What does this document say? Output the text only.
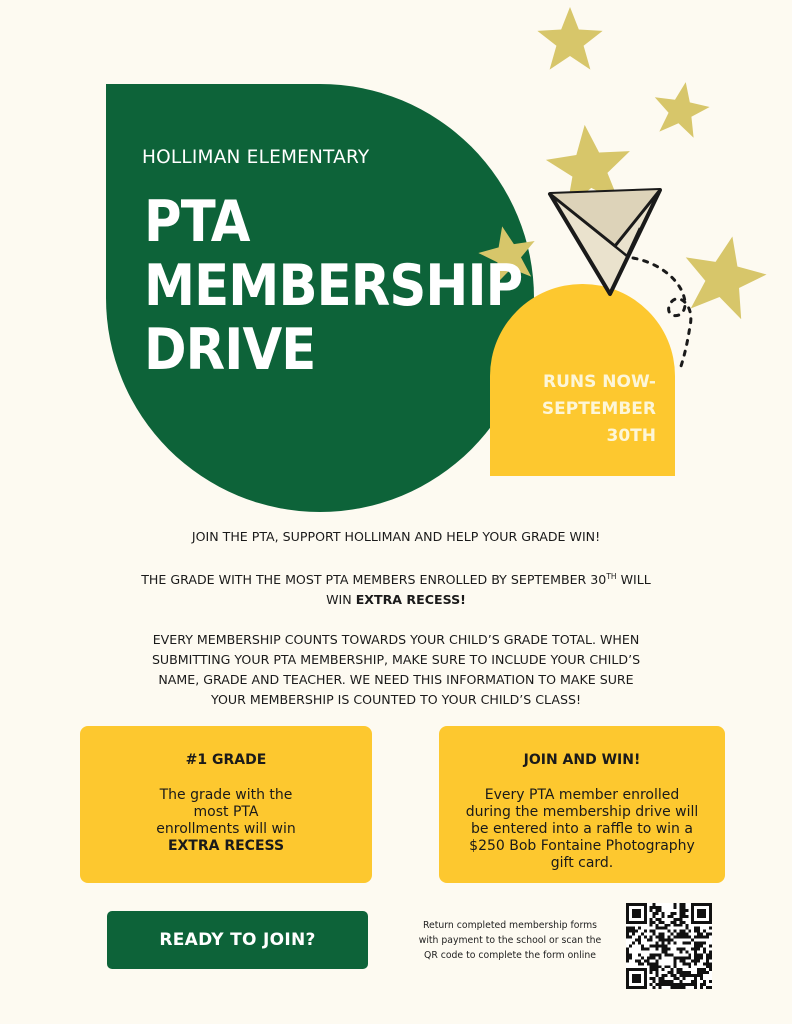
HOLLIMAN ELEMENTARY
PTA
MEMBERSHIP
DRIVE	RUNS NOW-
SEPTEMBER
30TH
JOIN THE PTA, SUPPORT HOLLIMAN AND HELP YOUR GRADE WIN!
THE GRADE WITH THE MOST PTA MEMBERS ENROLLED BY SEPTEMBER 30TH WILL
WIN EXTRA RECESS!
EVERY MEMBERSHIP COUNTS TOWARDS YOUR CHILD’S GRADE TOTAL. WHEN
SUBMITTING YOUR PTA MEMBERSHIP, MAKE SURE TO INCLUDE YOUR CHILD’S
NAME, GRADE AND TEACHER. WE NEED THIS INFORMATION TO MAKE SURE
YOUR MEMBERSHIP IS COUNTED TO YOUR CHILD’S CLASS!
#1 GRADE
The grade with the
most PTA
enrollments will win
EXTRA RECESS
JOIN AND WIN!
Every PTA member enrolled
during the membership drive will
be entered into a raffle to win a
$250 Bob Fontaine Photography
gift card.
READY TO JOIN?
Return completed membership forms
with payment to the school or scan the
QR code to complete the form online
